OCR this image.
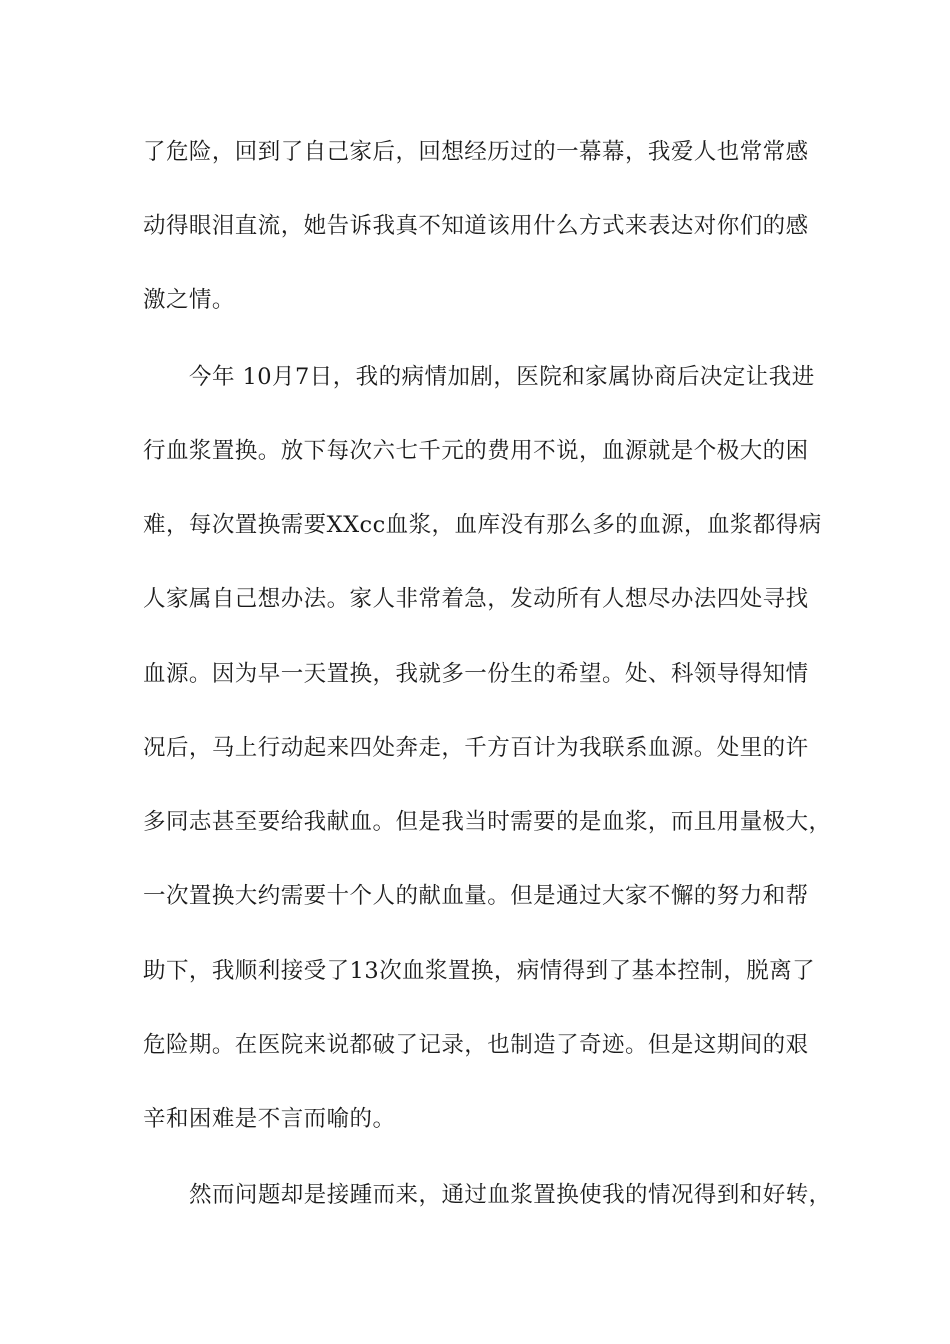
了危险，回到了自己家后，回想经历过的一幕幕，我爱人也常常感
动得眼泪直流，她告诉我真不知道该用什么方式来表达对你们的感
激之情。
今年 10月7日，我的病情加剧，医院和家属协商后决定让我进
行血浆置换。放下每次六七千元的费用不说，血源就是个极大的困
难，每次置换需要XXcc血浆，血库没有那么多的血源，血浆都得病
人家属自己想办法。家人非常着急，发动所有人想尽办法四处寻找
血源。因为早一天置换，我就多一份生的希望。处、科领导得知情
况后，马上行动起来四处奔走，千方百计为我联系血源。处里的许
多同志甚至要给我献血。但是我当时需要的是血浆，而且用量极大，
一次置换大约需要十个人的献血量。但是通过大家不懈的努力和帮
助下，我顺利接受了13次血浆置换，病情得到了基本控制，脱离了
危险期。在医院来说都破了记录，也制造了奇迹。但是这期间的艰
辛和困难是不言而喻的。
然而问题却是接踵而来，通过血浆置换使我的情况得到和好转，
